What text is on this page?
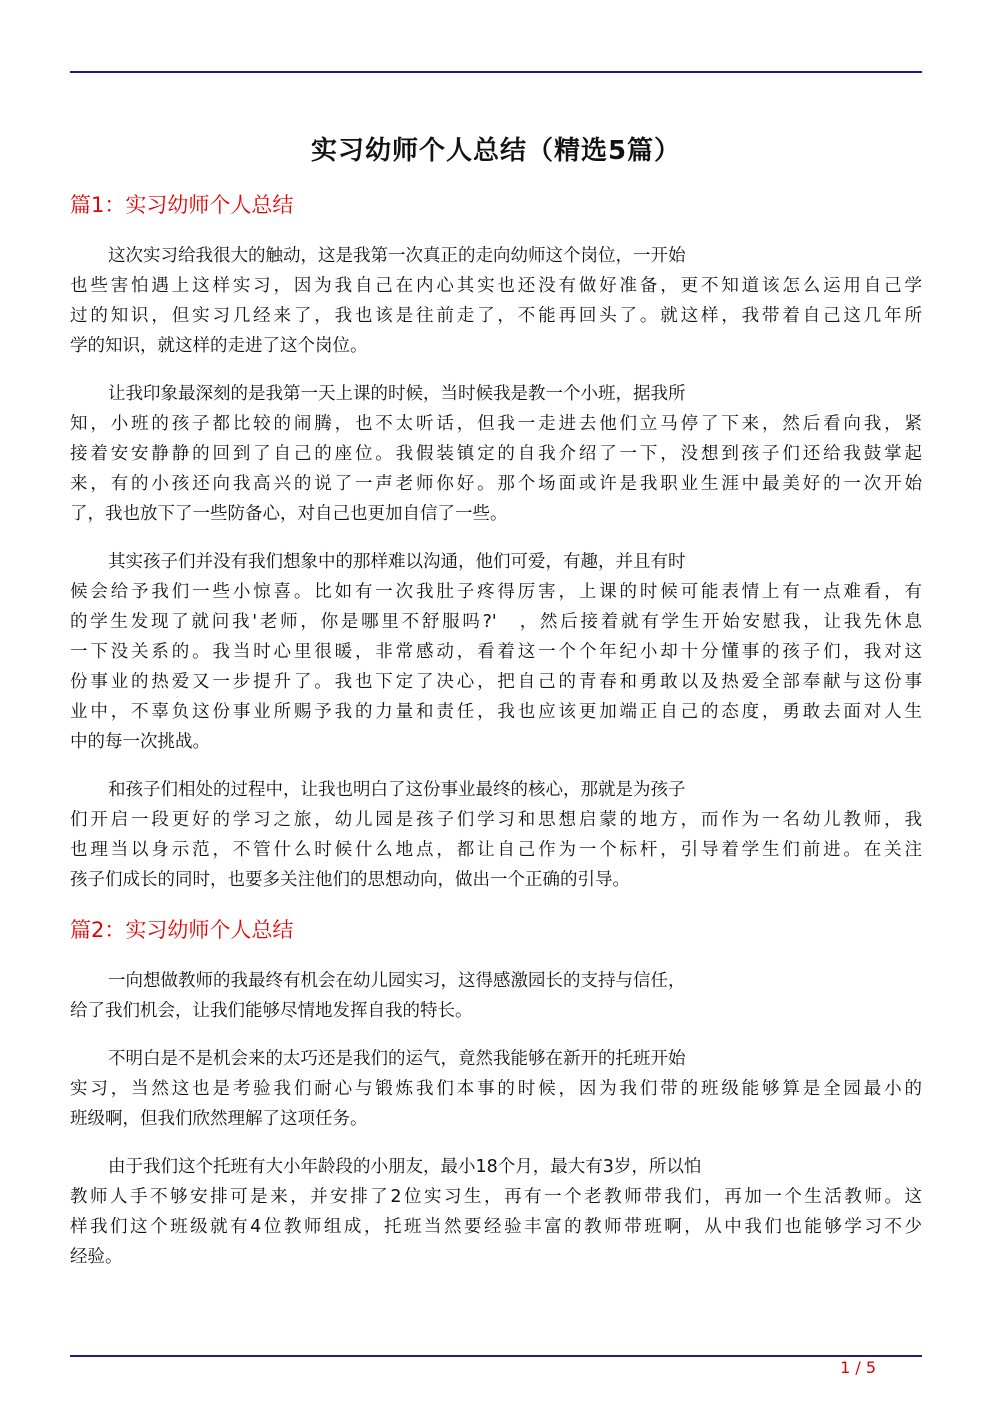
实习幼师个人总结（精选5篇）
篇1：实习幼师个人总结
这次实习给我很大的触动，这是我第一次真正的走向幼师这个岗位，一开始
也些害怕遇上这样实习，因为我自己在内心其实也还没有做好准备，更不知道该怎么运用自己学
过的知识，但实习几经来了，我也该是往前走了，不能再回头了。就这样，我带着自己这几年所
学的知识，就这样的走进了这个岗位。
让我印象最深刻的是我第一天上课的时候，当时候我是教一个小班，据我所
知，小班的孩子都比较的闹腾，也不太听话，但我一走进去他们立马停了下来，然后看向我，紧
接着安安静静的回到了自己的座位。我假装镇定的自我介绍了一下，没想到孩子们还给我鼓掌起
来，有的小孩还向我高兴的说了一声老师你好。那个场面或许是我职业生涯中最美好的一次开始
了，我也放下了一些防备心，对自己也更加自信了一些。
其实孩子们并没有我们想象中的那样难以沟通，他们可爱，有趣，并且有时
候会给予我们一些小惊喜。比如有一次我肚子疼得厉害，上课的时候可能表情上有一点难看，有
的学生发现了就问我'老师，你是哪里不舒服吗?'　，然后接着就有学生开始安慰我，让我先休息
一下没关系的。我当时心里很暖，非常感动，看着这一个个年纪小却十分懂事的孩子们，我对这
份事业的热爱又一步提升了。我也下定了决心，把自己的青春和勇敢以及热爱全部奉献与这份事
业中，不辜负这份事业所赐予我的力量和责任，我也应该更加端正自己的态度，勇敢去面对人生
中的每一次挑战。
和孩子们相处的过程中，让我也明白了这份事业最终的核心，那就是为孩子
们开启一段更好的学习之旅，幼儿园是孩子们学习和思想启蒙的地方，而作为一名幼儿教师，我
也理当以身示范，不管什么时候什么地点，都让自己作为一个标杆，引导着学生们前进。在关注
孩子们成长的同时，也要多关注他们的思想动向，做出一个正确的引导。
篇2：实习幼师个人总结
一向想做教师的我最终有机会在幼儿园实习，这得感激园长的支持与信任，
给了我们机会，让我们能够尽情地发挥自我的特长。
不明白是不是机会来的太巧还是我们的运气，竟然我能够在新开的托班开始
实习，当然这也是考验我们耐心与锻炼我们本事的时候，因为我们带的班级能够算是全园最小的
班级啊，但我们欣然理解了这项任务。
由于我们这个托班有大小年龄段的小朋友，最小18个月，最大有3岁，所以怕
教师人手不够安排可是来，并安排了2位实习生，再有一个老教师带我们，再加一个生活教师。这
样我们这个班级就有4位教师组成，托班当然要经验丰富的教师带班啊，从中我们也能够学习不少
经验。
1 / 5
